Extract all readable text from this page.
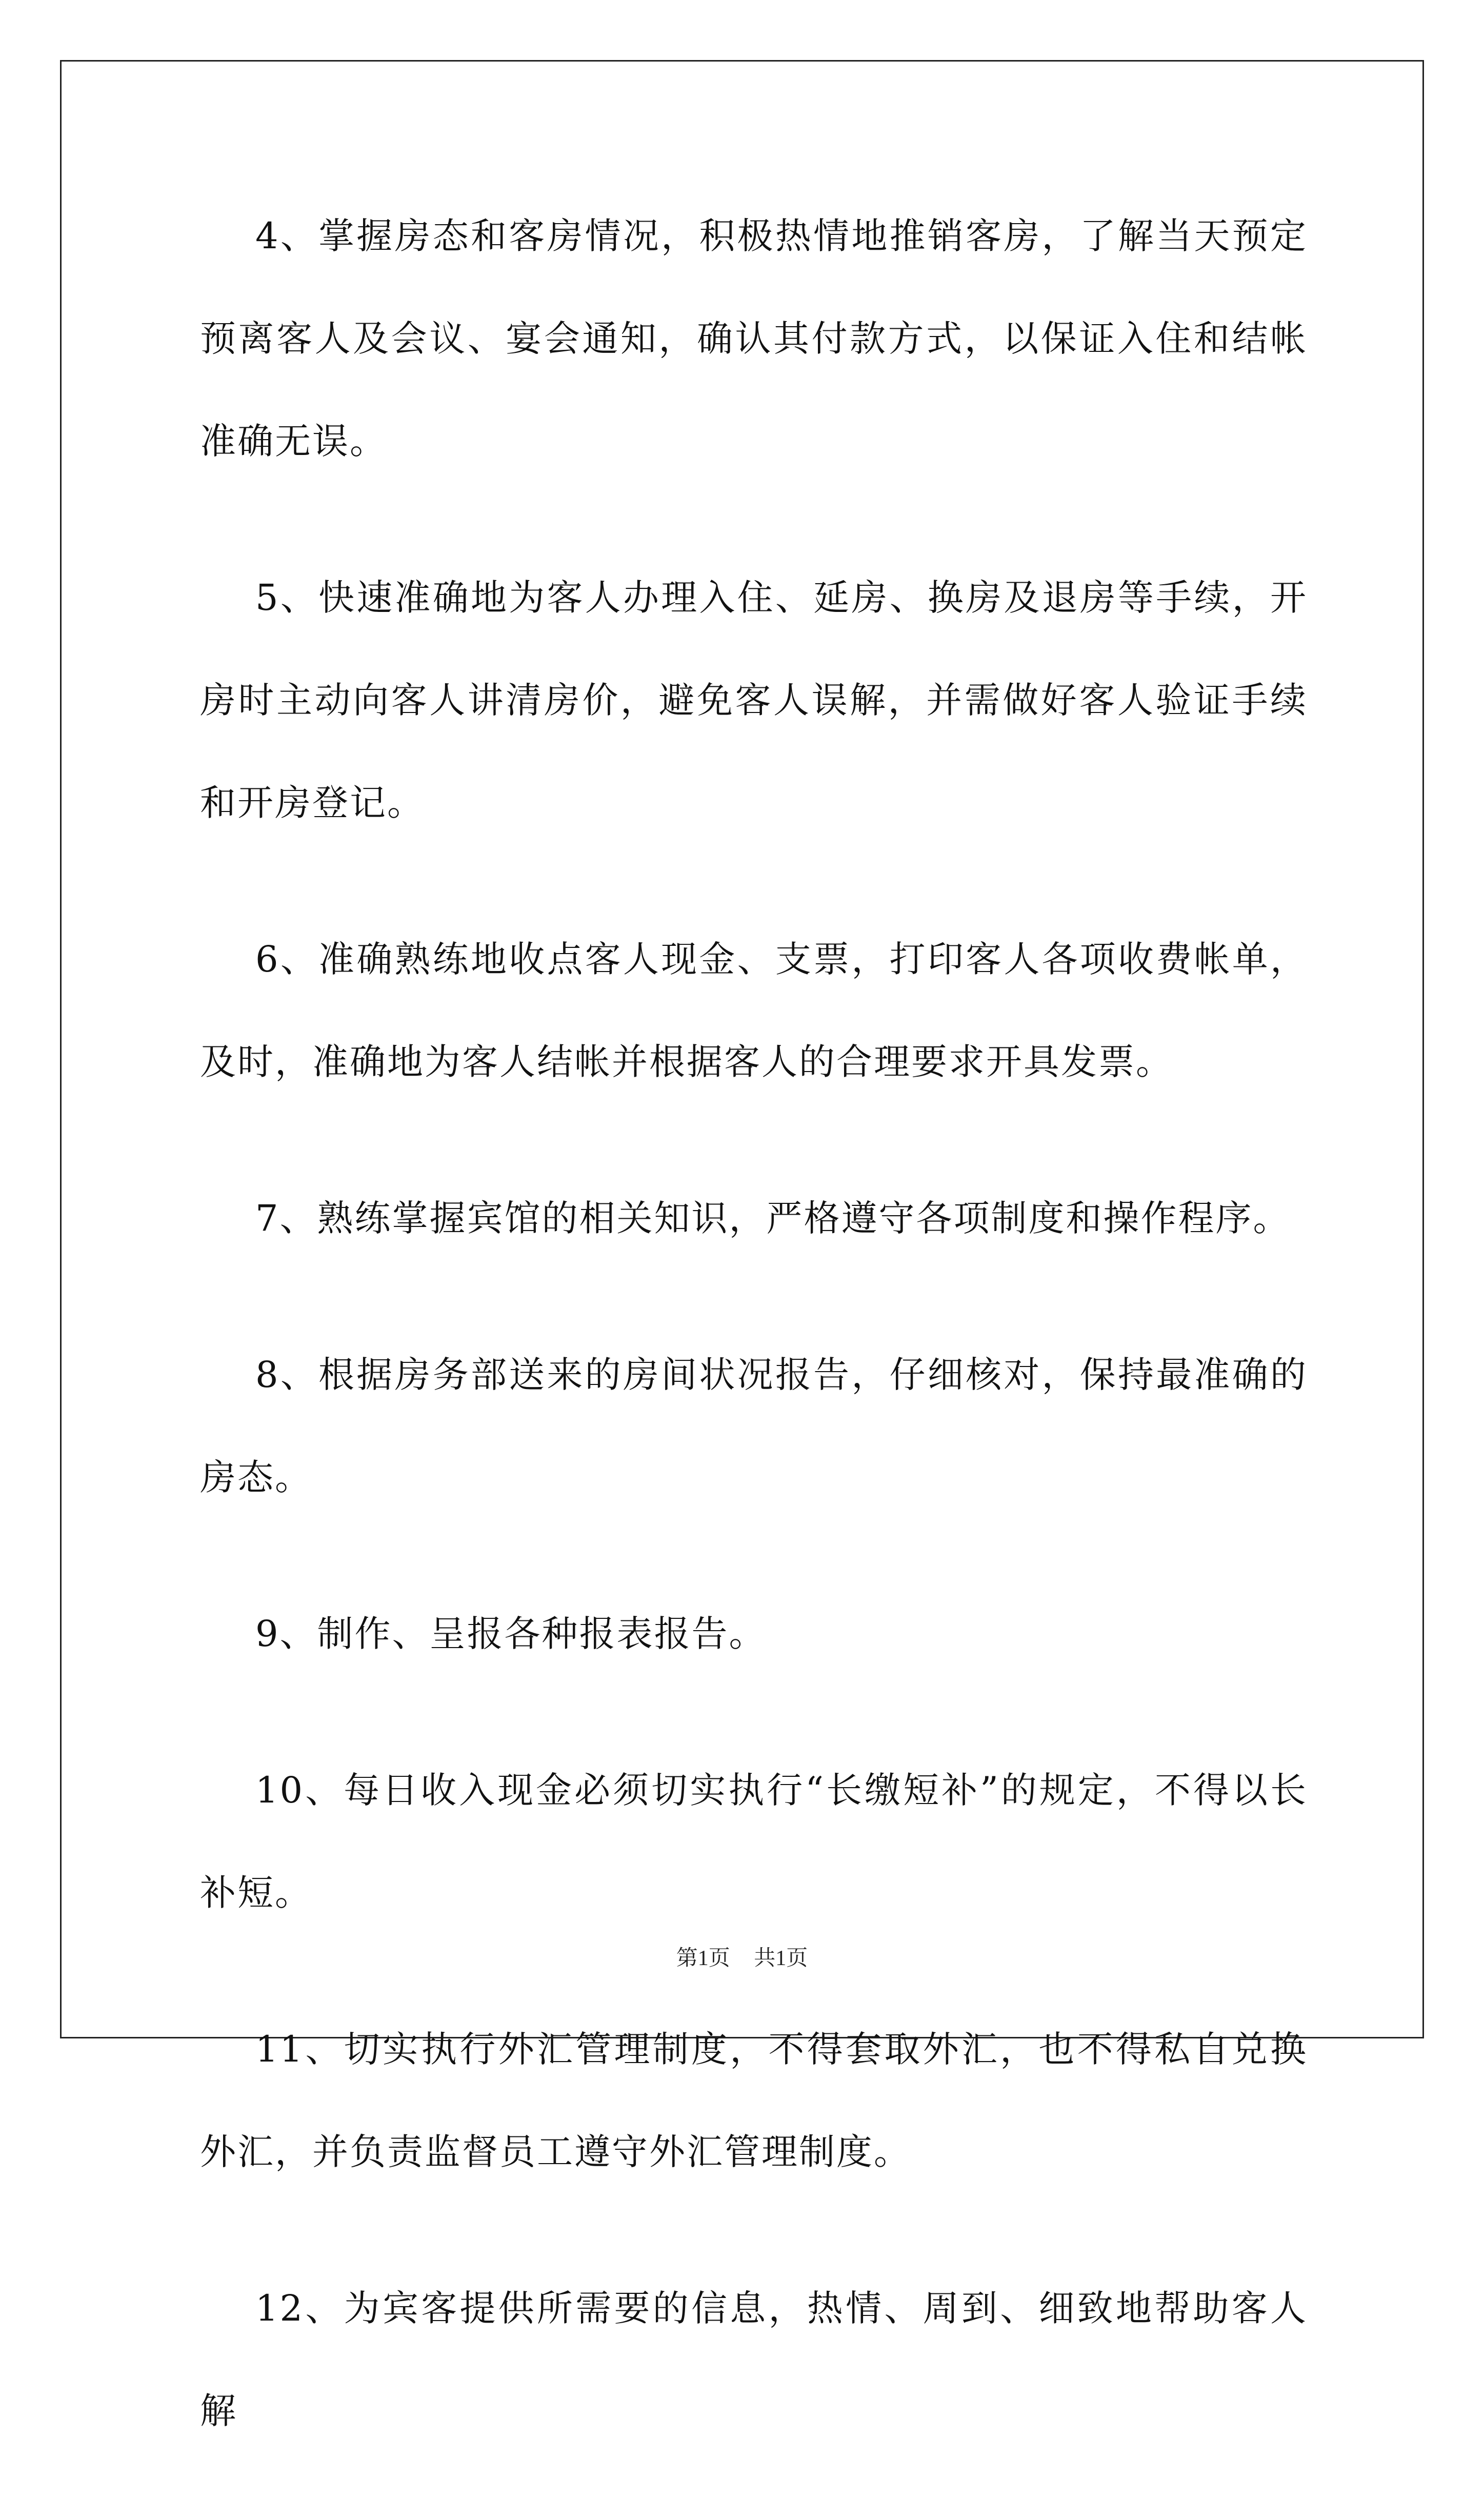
4、掌握房态和客房情况，积极热情地推销客房，了解当天预定预离客人及会议、宴会通知，确认其付款方式，以保证入住和结帐准确无误。

5、快速准确地为客人办理入住、延房、换房及退房等手续，开房时主动向客人讲清房价，避免客人误解，并需做好客人验证手续和开房登记。

6、准确熟练地收点客人现金、支票，打印客人各项收费帐单，及时，准确地为客人结帐并根据客人的合理要求开具发票。

7、熟练掌握宾馆的相关知识，严格遵守各项制度和操作程序。

8、根据房务部送来的房间状况报告，仔细核对，保持最准确的房态。

9、制作、呈报各种报表报告。

10、每日收入现金必须切实执行“长缴短补”的规定，不得以长补短。

11、切实执行外汇管理制度，不得套取外汇，也不得私自兑换外汇，并负责监督员工遵守外汇管理制度。

12、为宾客提供所需要的信息，热情、周到、细致地帮助客人解

第1页 共1页
